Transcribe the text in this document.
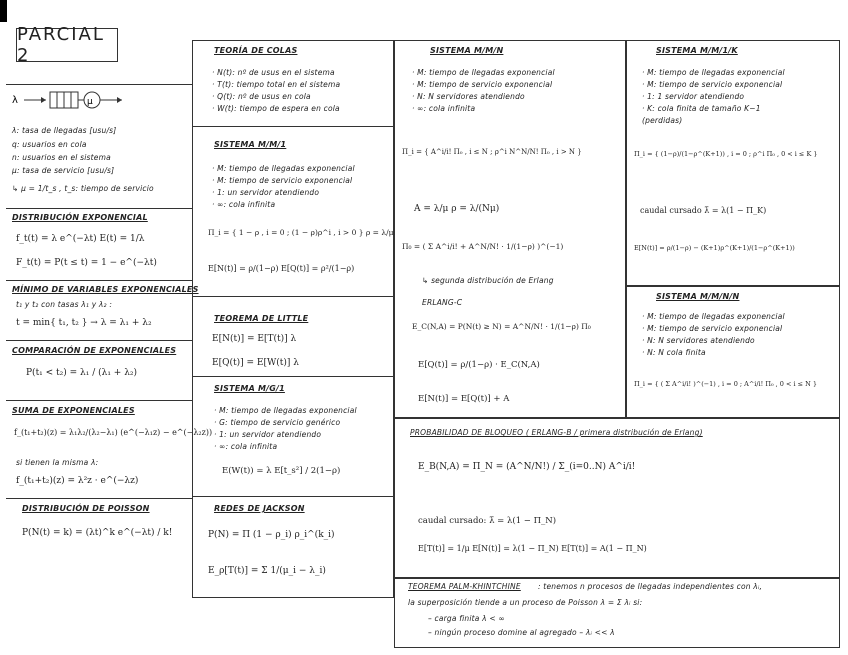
PARCIAL 2
λ	μ
λ: tasa de llegadas [usu/s]
q: usuarios en cola
n: usuarios en el sistema
μ: tasa de servicio [usu/s]
↳ μ = 1/t_s , t_s: tiempo de servicio
DISTRIBUCIÓN EXPONENCIAL
f_t(t) = λ e^(−λt) E(t) = 1/λ
F_t(t) = P(t ≤ t) = 1 − e^(−λt)
MÍNIMO DE VARIABLES EXPONENCIALES
t₁ y t₂ con tasas λ₁ y λ₂ :
t = min{ t₁, t₂ } → λ = λ₁ + λ₂
COMPARACIÓN DE EXPONENCIALES
P(t₁ < t₂) = λ₁ / (λ₁ + λ₂)
SUMA DE EXPONENCIALES
f_(t₁+t₂)(z) = λ₁λ₂/(λ₂−λ₁) (e^(−λ₁z) − e^(−λ₂z))
si tienen la misma λ:
f_(t₁+t₂)(z) = λ²z · e^(−λz)
DISTRIBUCIÓN DE POISSON
P(N(t) = k) = (λt)^k e^(−λt) / k!
TEORÍA DE COLAS
· N(t): nº de usus en el sistema
· T(t): tiempo total en el sistema
· Q(t): nº de usus en cola
· W(t): tiempo de espera en cola
SISTEMA M/M/1
· M: tiempo de llegadas exponencial
· M: tiempo de servicio exponencial
· 1: un servidor atendiendo
· ∞: cola infinita
Π_i = { 1 − ρ , i = 0 ; (1 − ρ)ρ^i , i > 0 } ρ = λ/μ
E[N(t)] = ρ/(1−ρ) E[Q(t)] = ρ²/(1−ρ)
TEOREMA DE LITTLE
E[N(t)] = E[T(t)] λ
E[Q(t)] = E[W(t)] λ
SISTEMA M/G/1
· M: tiempo de llegadas exponencial
· G: tiempo de servicio genérico
· 1: un servidor atendiendo
· ∞: cola infinita
E(W(t)) = λ E[t_s²] / 2(1−ρ)
REDES DE JACKSON
P(N) = Π (1 − ρ_i) ρ_i^(k_i)
E_ρ[T(t)] = Σ 1/(μ_i − λ_i)
SISTEMA M/M/N
· M: tiempo de llegadas exponencial
· M: tiempo de servicio exponencial
· N: N servidores atendiendo
· ∞: cola infinita
Π_i = { A^i/i! Π₀ , i ≤ N ; ρ^i N^N/N! Π₀ , i > N }
A = λ/μ ρ = λ/(Nμ)
Π₀ = ( Σ A^i/i! + A^N/N! · 1/(1−ρ) )^(−1)
↳ segunda distribución de Erlang
ERLANG-C
E_C(N,A) = P(N(t) ≥ N) = A^N/N! · 1/(1−ρ) Π₀
E[Q(t)] = ρ/(1−ρ) · E_C(N,A)
E[N(t)] = E[Q(t)] + A
SISTEMA M/M/1/K
· M: tiempo de llegadas exponencial
· M: tiempo de servicio exponencial
· 1: 1 servidor atendiendo
· K: cola finita de tamaño K−1
(perdidas)
Π_i = { (1−ρ)/(1−ρ^(K+1)) , i = 0 ; ρ^i Π₀ , 0 < i ≤ K }
caudal cursado λ̄ = λ(1 − Π_K)
E[N(t)] = ρ/(1−ρ) − (K+1)ρ^(K+1)/(1−ρ^(K+1))
SISTEMA M/M/N/N
· M: tiempo de llegadas exponencial
· M: tiempo de servicio exponencial
· N: N servidores atendiendo
· N: N cola finita
Π_i = { ( Σ A^i/i! )^(−1) , i = 0 ; A^i/i! Π₀ , 0 < i ≤ N }
PROBABILIDAD DE BLOQUEO ( ERLANG-B / primera distribución de Erlang)
E_B(N,A) = Π_N = (A^N/N!) / Σ_(i=0..N) A^i/i!
caudal cursado: λ̄ = λ(1 − Π_N)
E[T(t)] = 1/μ E[N(t)] = λ(1 − Π_N) E[T(t)] = A(1 − Π_N)
TEOREMA PALM-KHINTCHINE : tenemos n procesos de llegadas independientes con λᵢ,
la superposición tiende a un proceso de Poisson λ = Σ λᵢ si:
– carga finita λ < ∞
– ningún proceso domine al agregado – λᵢ << λ
